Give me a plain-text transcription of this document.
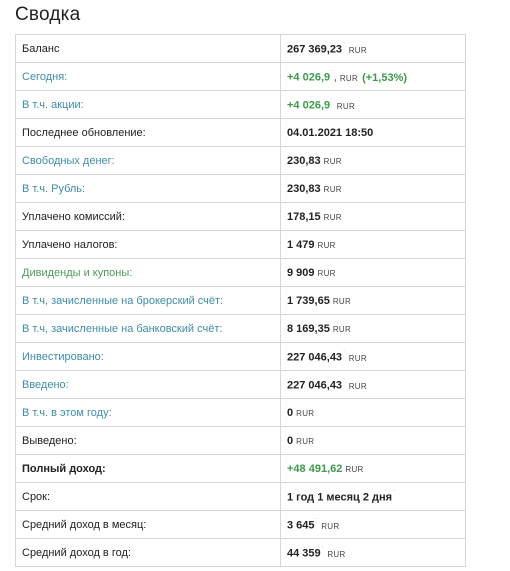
Сводка
Баланс	267 369,23˙RUR
Сегодня:	+4 026,9˙, RUR (+1,53%)
В т.ч. акции:	+4 026,9˙RUR
Последнее обновление:	04.01.2021 18:50
Свободных денег:	230,83 RUR
В т.ч. Рубль:	230,83 RUR
Уплачено комиссий:	178,15 RUR
Уплачено налогов:	1 479 RUR
Дивиденды и купоны:	9 909 RUR
В т.ч, зачисленные на брокерский счёт:	1 739,65 RUR
В т.ч, зачисленные на банковский счёт:	8 169,35 RUR
Инвестировано:	227 046,43˙RUR
Введено:	227 046,43˙RUR
В т.ч. в этом году:	0 RUR
Выведено:	0 RUR
Полный доход:	+48 491,62 RUR
Срок:	1 год 1 месяц 2 дня˙
Средний доход в месяц:	3 645˙RUR
Средний доход в год:	44 359˙RUR
